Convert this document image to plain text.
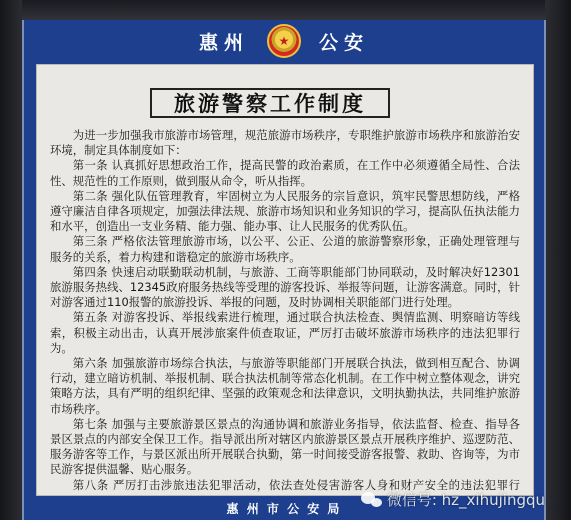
惠州	★	公安
旅游警察工作制度

为进一步加强我市旅游市场管理，规范旅游市场秩序，专职维护旅游市场秩序和旅游治安环境，制定具体制度如下：

第一条 认真抓好思想政治工作，提高民警的政治素质，在工作中必须遵循全局性、合法性、规范性的工作原则，做到服从命令，听从指挥。

第二条 强化队伍管理教育，牢固树立为人民服务的宗旨意识，筑牢民警思想防线，严格遵守廉洁自律各项规定，加强法律法规、旅游市场知识和业务知识的学习，提高队伍执法能力和水平，创造出一支业务精、能力强、能办事、让人民服务的优秀队伍。

第三条 严格依法管理旅游市场，以公平、公正、公道的旅游警察形象，正确处理管理与服务的关系，着力构建和谐稳定的旅游市场秩序。

第四条 快速启动联勤联动机制，与旅游、工商等职能部门协同联动，及时解决好12301旅游服务热线、12345政府服务热线等受理的游客投诉、举报等问题，让游客满意。同时，针对游客通过110报警的旅游投诉、举报的问题，及时协调相关职能部门进行处理。

第五条 对游客投诉、举报线索进行梳理，通过联合执法检查、舆情监测、明察暗访等线索，积极主动出击，认真开展涉旅案件侦查取证，严厉打击破坏旅游市场秩序的违法犯罪行为。

第六条 加强旅游市场综合执法，与旅游等职能部门开展联合执法，做到相互配合、协调行动，建立暗访机制、举报机制、联合执法机制等常态化机制。在工作中树立整体观念，讲究策略方法，具有严明的组织纪律、坚强的政策观念和法律意识，文明执勤执法，共同维护旅游市场秩序。

第七条 加强与主要旅游景区景点的沟通协调和旅游业务指导，依法监督、检查、指导各景区景点的内部安全保卫工作。指导派出所对辖区内旅游景区景点开展秩序维护、巡逻防范、服务游客等工作，与景区派出所开展联合执勤，第一时间接受游客报警、救助、咨询等，为市民游客提供温馨、贴心服务。

第八条 严厉打击涉旅违法犯罪活动，依法查处侵害游客人身和财产安全的违法犯罪行

惠 州 市 公 安 局	微信号: hz_xihujingqu
